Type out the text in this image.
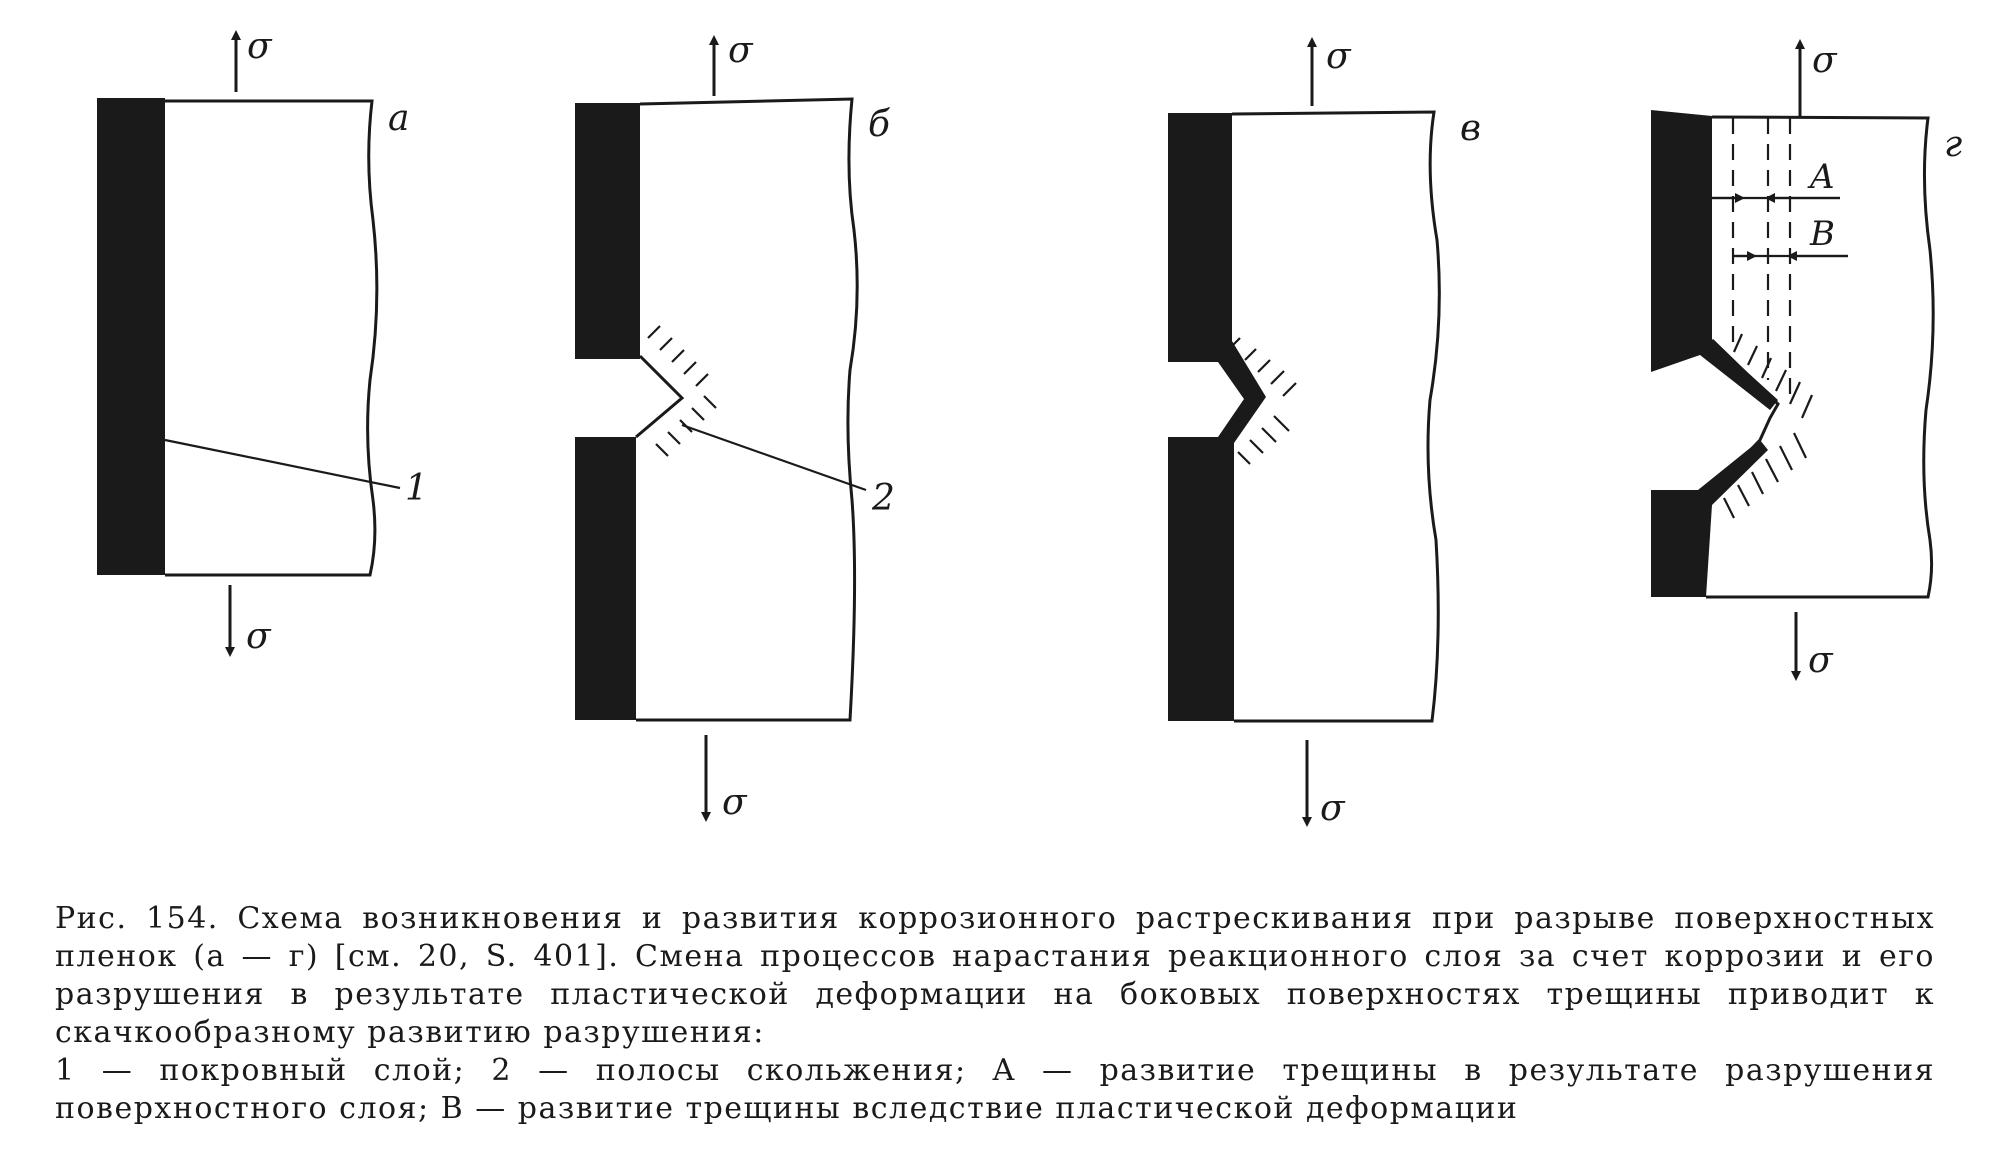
σ
σ
а
1
σ
σ
б
2
σ
σ
в
A
B
σ
σ
г

Рис. 154. Схема возникновения и развития коррозионного растрескивания при разрыве поверхностных пленок (а — г) [см. 20, S. 401]. Смена процессов нарастания реакционного слоя за счет коррозии и его разрушения в результате пластической деформации на боковых поверхностях трещины приводит к скачкообразному развитию разрушения:

1 — покровный слой; 2 — полосы скольжения; A — развитие трещины в результате разрушения поверхностного слоя; B — развитие трещины вследствие пластической деформации
